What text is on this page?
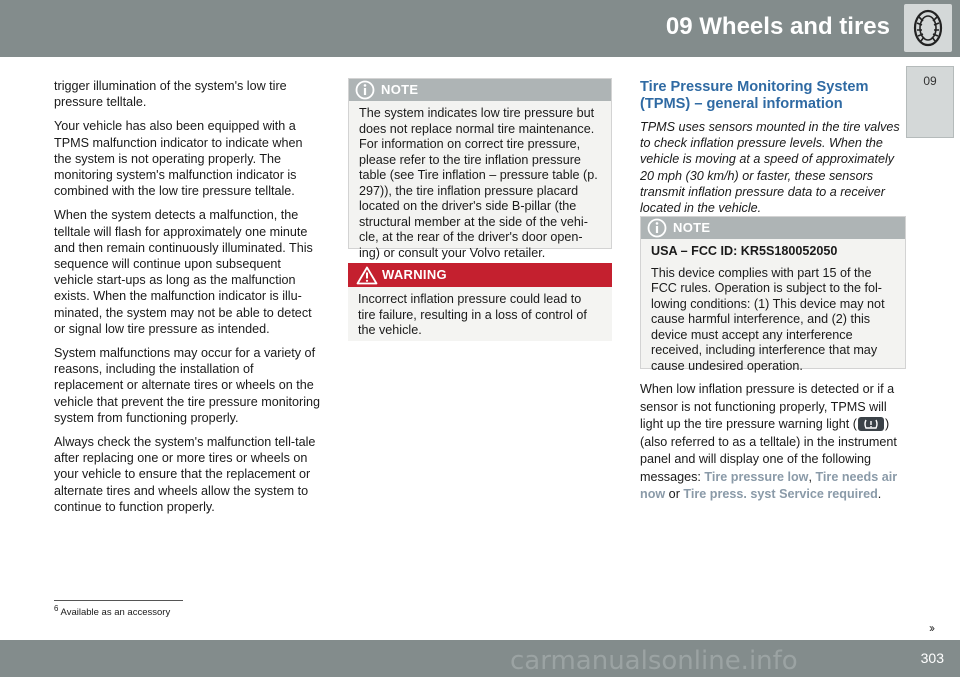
09 Wheels and tires
09

trigger illumination of the system's low tire pressure telltale.

Your vehicle has also been equipped with a TPMS malfunction indicator to indicate when the system is not operating properly. The monitoring system's malfunction indicator is combined with the low tire pressure telltale.

When the system detects a malfunction, the telltale will flash for approximately one minute and then remain continuously illuminated. This sequence will continue upon subsequent vehicle start-ups as long as the malfunction exists. When the malfunction indicator is illu-minated, the system may not be able to detect or signal low tire pressure as intended.

System malfunctions may occur for a variety of reasons, including the installation of replacement or alternate tires or wheels on the vehicle that prevent the tire pressure monitoring system from functioning properly.

Always check the system's malfunction tell-tale after replacing one or more tires or wheels on your vehicle to ensure that the replacement or alternate tires and wheels allow the system to continue to function properly.

NOTE
The system indicates low tire pressure but does not replace normal tire maintenance. For information on correct tire pressure, please refer to the tire inflation pressure table (see Tire inflation – pressure table (p. 297)), the tire inflation pressure placard located on the driver's side B-pillar (the structural member at the side of the vehi-cle, at the rear of the driver's door open-ing) or consult your Volvo retailer.
WARNING
Incorrect inflation pressure could lead to tire failure, resulting in a loss of control of the vehicle.
Tire Pressure Monitoring System (TPMS) – general information

TPMS uses sensors mounted in the tire valves to check inflation pressure levels. When the vehicle is moving at a speed of approximately 20 mph (30 km/h) or faster, these sensors transmit inflation pressure data to a receiver located in the vehicle.

NOTE

USA – FCC ID: KR5S180052050

This device complies with part 15 of the FCC rules. Operation is subject to the fol-lowing conditions: (1) This device may not cause harmful interference, and (2) this device must accept any interference received, including interference that may cause undesired operation.

When low inflation pressure is detected or if a sensor is not functioning properly, TPMS will light up the tire pressure warning light ( ) (also referred to as a telltale) in the instrument panel and will display one of the following messages: Tire pressure low, Tire needs air now or Tire press. syst Service required.

$^6$ Available as an accessory
››
carmanualsonline.info	303
